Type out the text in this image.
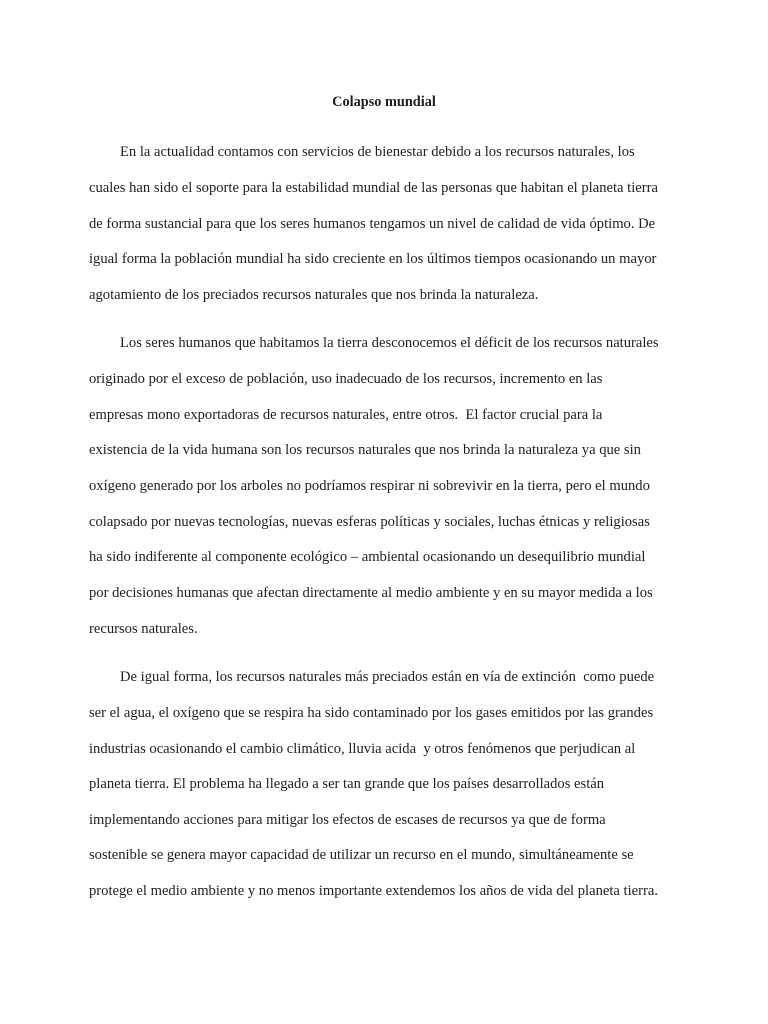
Colapso mundial

En la actualidad contamos con servicios de bienestar debido a los recursos naturales, los

cuales han sido el soporte para la estabilidad mundial de las personas que habitan el planeta tierra

de forma sustancial para que los seres humanos tengamos un nivel de calidad de vida óptimo. De

igual forma la población mundial ha sido creciente en los últimos tiempos ocasionando un mayor

agotamiento de los preciados recursos naturales que nos brinda la naturaleza.

Los seres humanos que habitamos la tierra desconocemos el déficit de los recursos naturales

originado por el exceso de población, uso inadecuado de los recursos, incremento en las

empresas mono exportadoras de recursos naturales, entre otros.  El factor crucial para la

existencia de la vida humana son los recursos naturales que nos brinda la naturaleza ya que sin

oxígeno generado por los arboles no podríamos respirar ni sobrevivir en la tierra, pero el mundo

colapsado por nuevas tecnologías, nuevas esferas políticas y sociales, luchas étnicas y religiosas

ha sido indiferente al componente ecológico – ambiental ocasionando un desequilibrio mundial

por decisiones humanas que afectan directamente al medio ambiente y en su mayor medida a los

recursos naturales.

De igual forma, los recursos naturales más preciados están en vía de extinción  como puede

ser el agua, el oxígeno que se respira ha sido contaminado por los gases emitidos por las grandes

industrias ocasionando el cambio climático, lluvia acida  y otros fenómenos que perjudican al

planeta tierra. El problema ha llegado a ser tan grande que los países desarrollados están

implementando acciones para mitigar los efectos de escases de recursos ya que de forma

sostenible se genera mayor capacidad de utilizar un recurso en el mundo, simultáneamente se

protege el medio ambiente y no menos importante extendemos los años de vida del planeta tierra.
